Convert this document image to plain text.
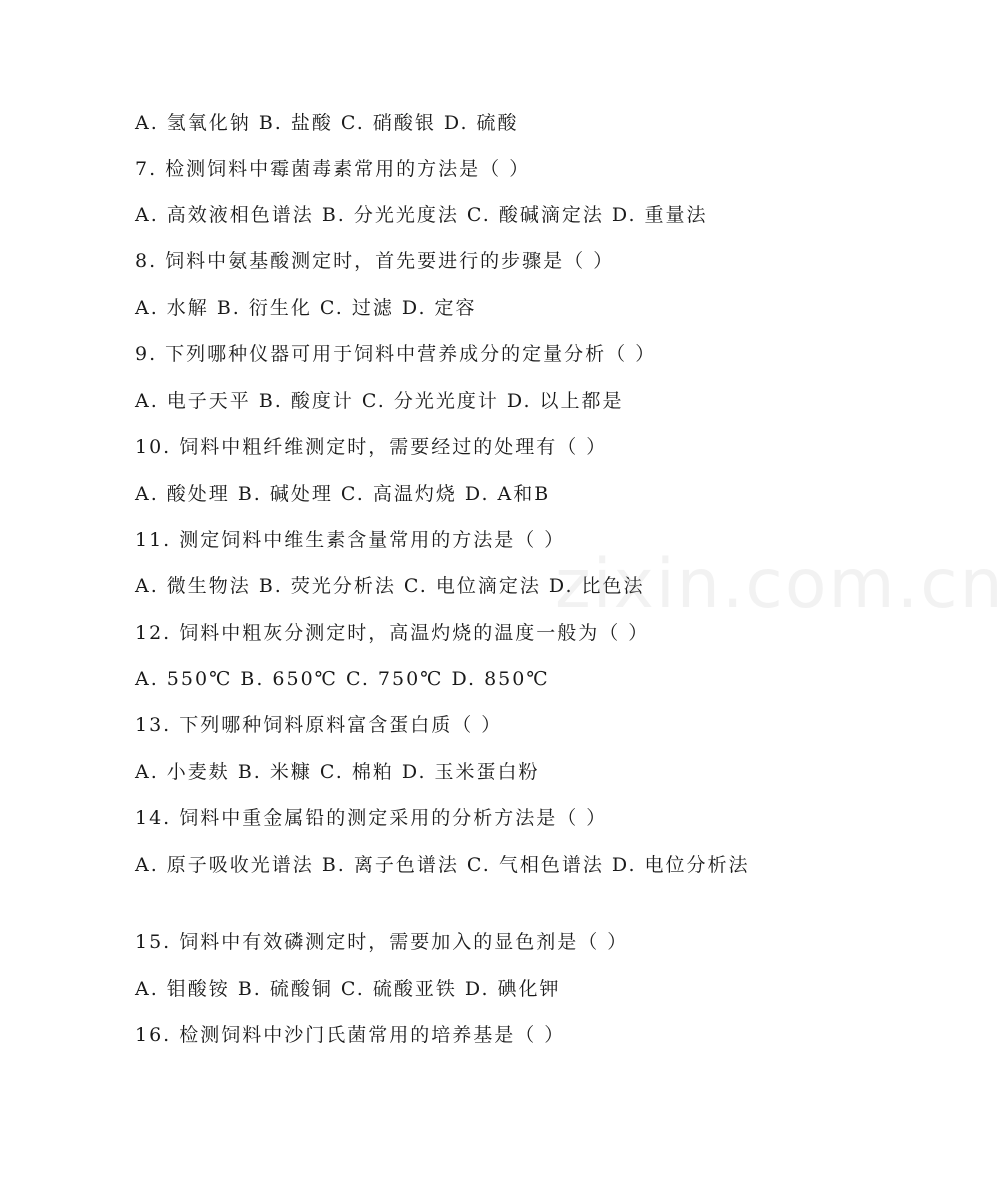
A. 氢氧化钠 B. 盐酸 C. 硝酸银 D. 硫酸
7. 检测饲料中霉菌毒素常用的方法是（ ）
A. 高效液相色谱法 B. 分光光度法 C. 酸碱滴定法 D. 重量法
8. 饲料中氨基酸测定时，首先要进行的步骤是（ ）
A. 水解 B. 衍生化 C. 过滤 D. 定容
9. 下列哪种仪器可用于饲料中营养成分的定量分析（ ）
A. 电子天平 B. 酸度计 C. 分光光度计 D. 以上都是
10. 饲料中粗纤维测定时，需要经过的处理有（ ）
A. 酸处理 B. 碱处理 C. 高温灼烧 D. A和B
11. 测定饲料中维生素含量常用的方法是（ ）
A. 微生物法 B. 荧光分析法 C. 电位滴定法 D. 比色法
12. 饲料中粗灰分测定时，高温灼烧的温度一般为（ ）
A. 550℃ B. 650℃ C. 750℃ D. 850℃
13. 下列哪种饲料原料富含蛋白质（ ）
A. 小麦麸 B. 米糠 C. 棉粕 D. 玉米蛋白粉
14. 饲料中重金属铅的测定采用的分析方法是（ ）
A. 原子吸收光谱法 B. 离子色谱法 C. 气相色谱法 D. 电位分析法
15. 饲料中有效磷测定时，需要加入的显色剂是（ ）
A. 钼酸铵 B. 硫酸铜 C. 硫酸亚铁 D. 碘化钾
16. 检测饲料中沙门氏菌常用的培养基是（ ）
zixin.com.cn
